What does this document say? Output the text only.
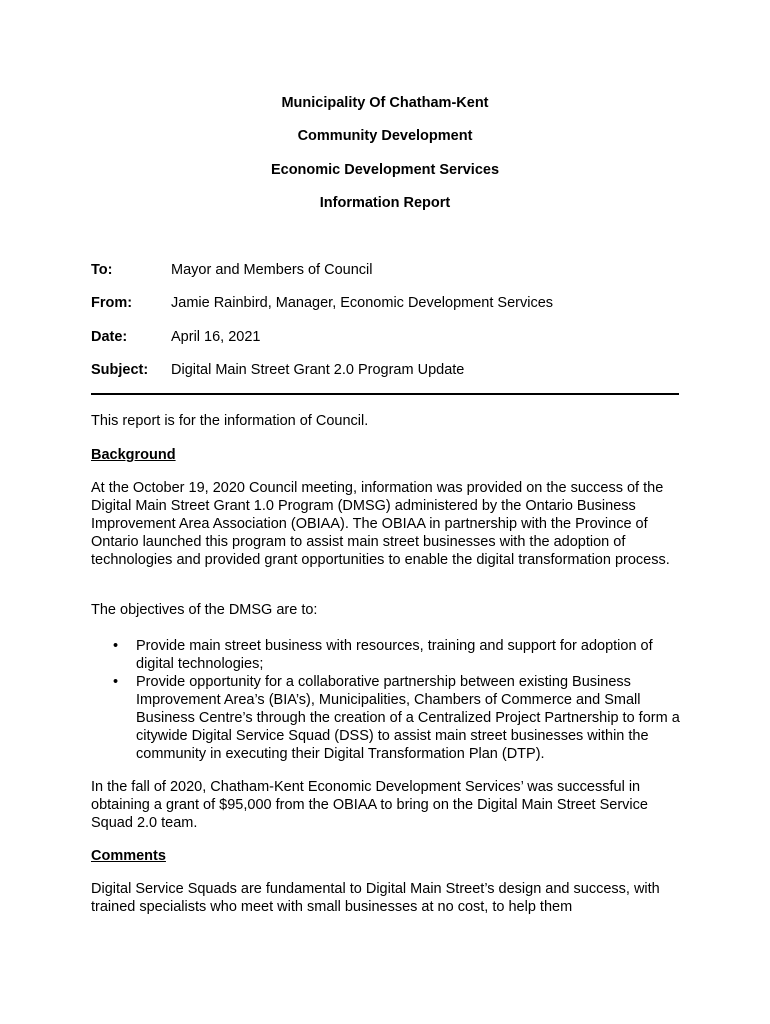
Municipality Of Chatham-Kent
Community Development
Economic Development Services
Information Report
To:	Mayor and Members of Council
From:	Jamie Rainbird, Manager, Economic Development Services
Date:	April 16, 2021
Subject: Digital Main Street Grant 2.0 Program Update

This report is for the information of Council.

Background

At the October 19, 2020 Council meeting, information was provided on the success of the Digital Main Street Grant 1.0 Program (DMSG) administered by the Ontario Business Improvement Area Association (OBIAA). The OBIAA in partnership with the Province of Ontario launched this program to assist main street businesses with the adoption of technologies and provided grant opportunities to enable the digital transformation process.

The objectives of the DMSG are to:

• Provide main street business with resources, training and support for adoption of digital technologies;
• Provide opportunity for a collaborative partnership between existing Business Improvement Area’s (BIA’s), Municipalities, Chambers of Commerce and Small Business Centre’s through the creation of a Centralized Project Partnership to form a citywide Digital Service Squad (DSS) to assist main street businesses within the community in executing their Digital Transformation Plan (DTP).

In the fall of 2020, Chatham-Kent Economic Development Services’ was successful in obtaining a grant of $95,000 from the OBIAA to bring on the Digital Main Street Service Squad 2.0 team.

Comments

Digital Service Squads are fundamental to Digital Main Street’s design and success, with trained specialists who meet with small businesses at no cost, to help them
